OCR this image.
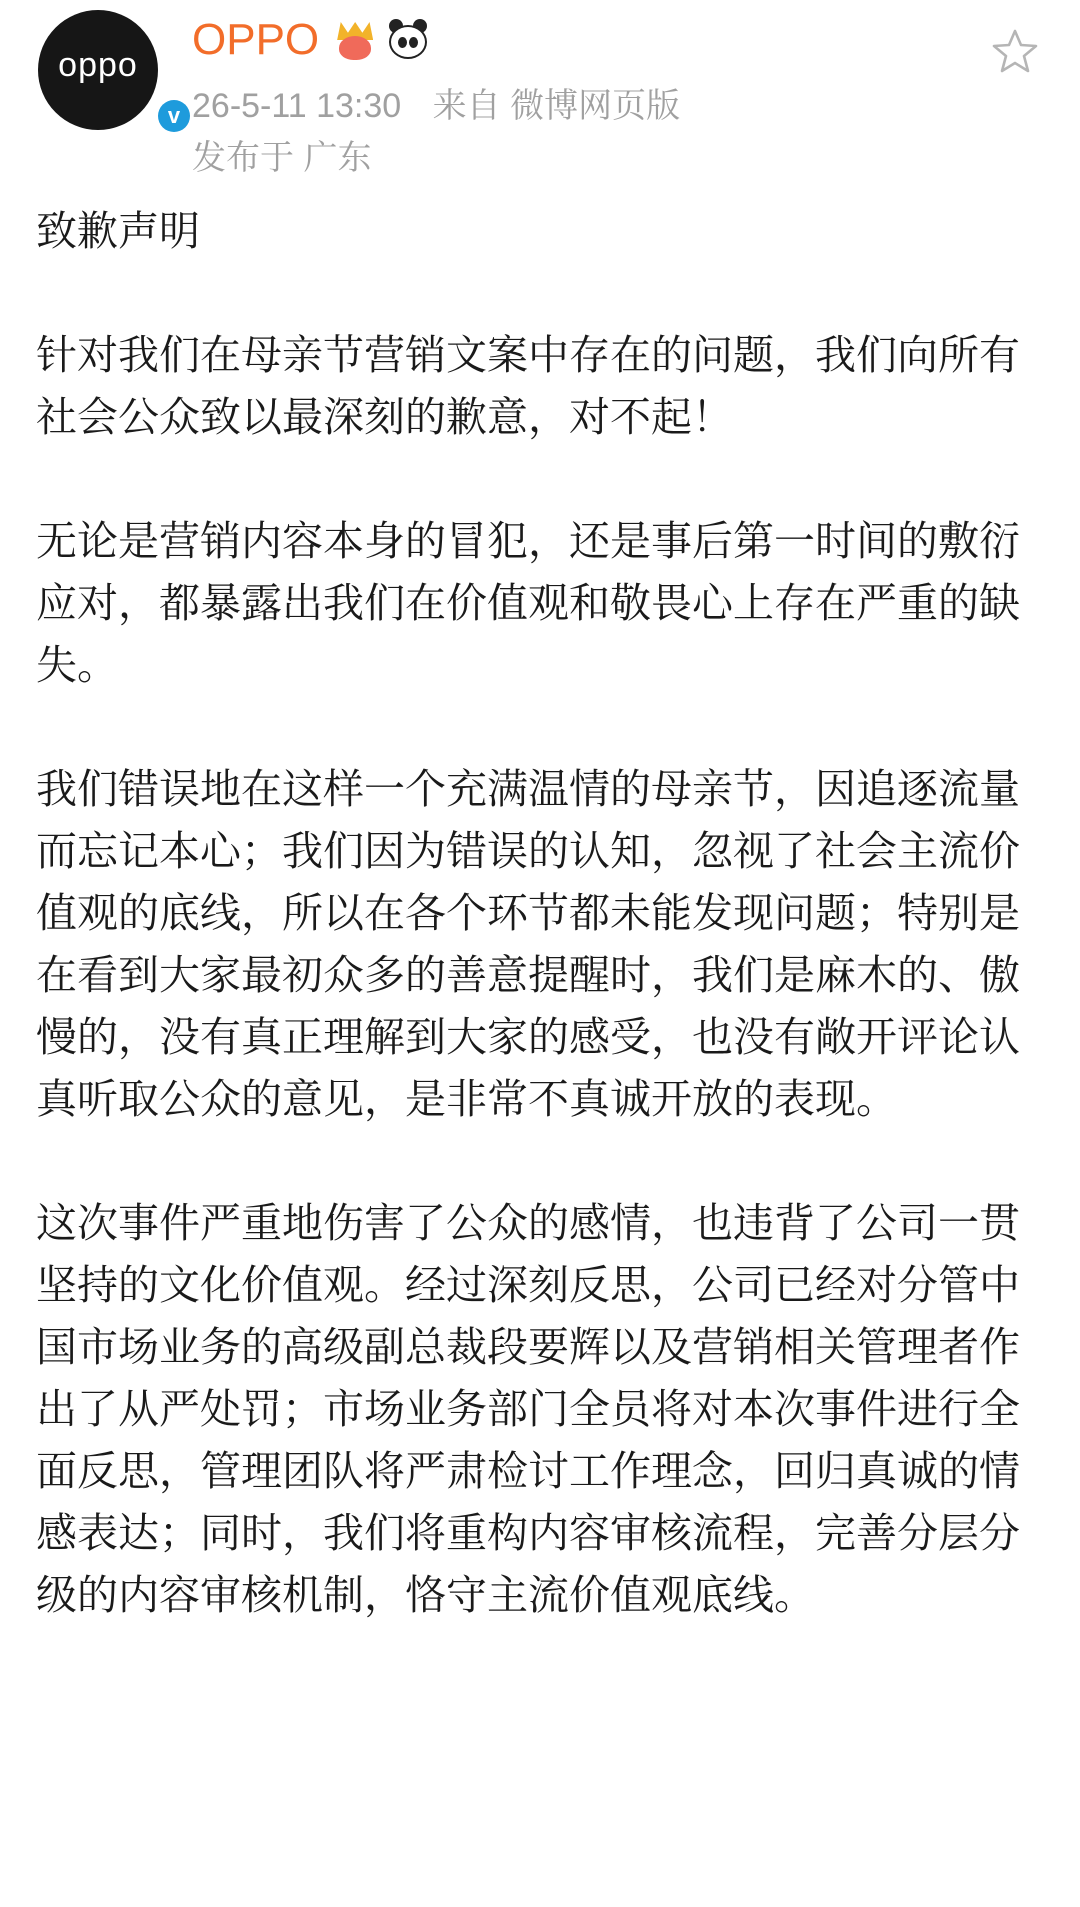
oppo
v
OPPO
26-5-11 13:30 来自 微博网页版
发布于 广东

致歉声明

针对我们在母亲节营销文案中存在的问题，我们向所有社会公众致以最深刻的歉意，对不起！

无论是营销内容本身的冒犯，还是事后第一时间的敷衍应对，都暴露出我们在价值观和敬畏心上存在严重的缺失。

我们错误地在这样一个充满温情的母亲节，因追逐流量而忘记本心；我们因为错误的认知，忽视了社会主流价值观的底线，所以在各个环节都未能发现问题；特别是在看到大家最初众多的善意提醒时，我们是麻木的、傲慢的，没有真正理解到大家的感受，也没有敞开评论认真听取公众的意见，是非常不真诚开放的表现。

这次事件严重地伤害了公众的感情，也违背了公司一贯坚持的文化价值观。经过深刻反思，公司已经对分管中国市场业务的高级副总裁段要辉以及营销相关管理者作出了从严处罚；市场业务部门全员将对本次事件进行全面反思，管理团队将严肃检讨工作理念，回归真诚的情感表达；同时，我们将重构内容审核流程，完善分层分级的内容审核机制，恪守主流价值观底线。
